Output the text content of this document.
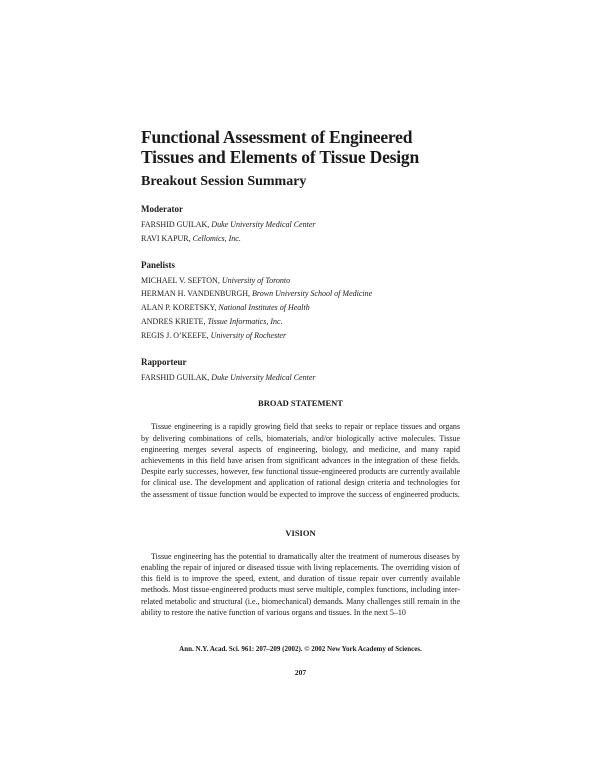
Functional Assessment of Engineered Tissues and Elements of Tissue Design
Breakout Session Summary
Moderator
FARSHID GUILAK, Duke University Medical Center
RAVI KAPUR, Cellomics, Inc.
Panelists
MICHAEL V. SEFTON, University of Toronto
HERMAN H. VANDENBURGH, Brown University School of Medicine
ALAN P. KORETSKY, National Institutes of Health
ANDRES KRIETE, Tissue Informatics, Inc.
REGIS J. O’KEEFE, University of Rochester
Rapporteur
FARSHID GUILAK, Duke University Medical Center
BROAD STATEMENT

Tissue engineering is a rapidly growing field that seeks to repair or replace tissues and organs by delivering combinations of cells, biomaterials, and/or biologically active molecules. Tissue engineering merges several aspects of engineering, biology, and medicine, and many rapid achievements in this field have arisen from significant advances in the integration of these fields. Despite early successes, however, few functional tissue-engineered products are currently available for clinical use. The development and application of rational design criteria and technologies for the assessment of tissue function would be expected to improve the success of engineered products.

VISION

Tissue engineering has the potential to dramatically alter the treatment of numerous diseases by enabling the repair of injured or diseased tissue with living replacements. The overriding vision of this field is to improve the speed, extent, and duration of tissue repair over currently available methods. Most tissue-engineered products must serve multiple, complex functions, including inter-related metabolic and structural (i.e., biomechanical) demands. Many challenges still remain in the ability to restore the native function of various organs and tissues. In the next 5–10

Ann. N.Y. Acad. Sci. 961: 207–209 (2002). © 2002 New York Academy of Sciences.
207
